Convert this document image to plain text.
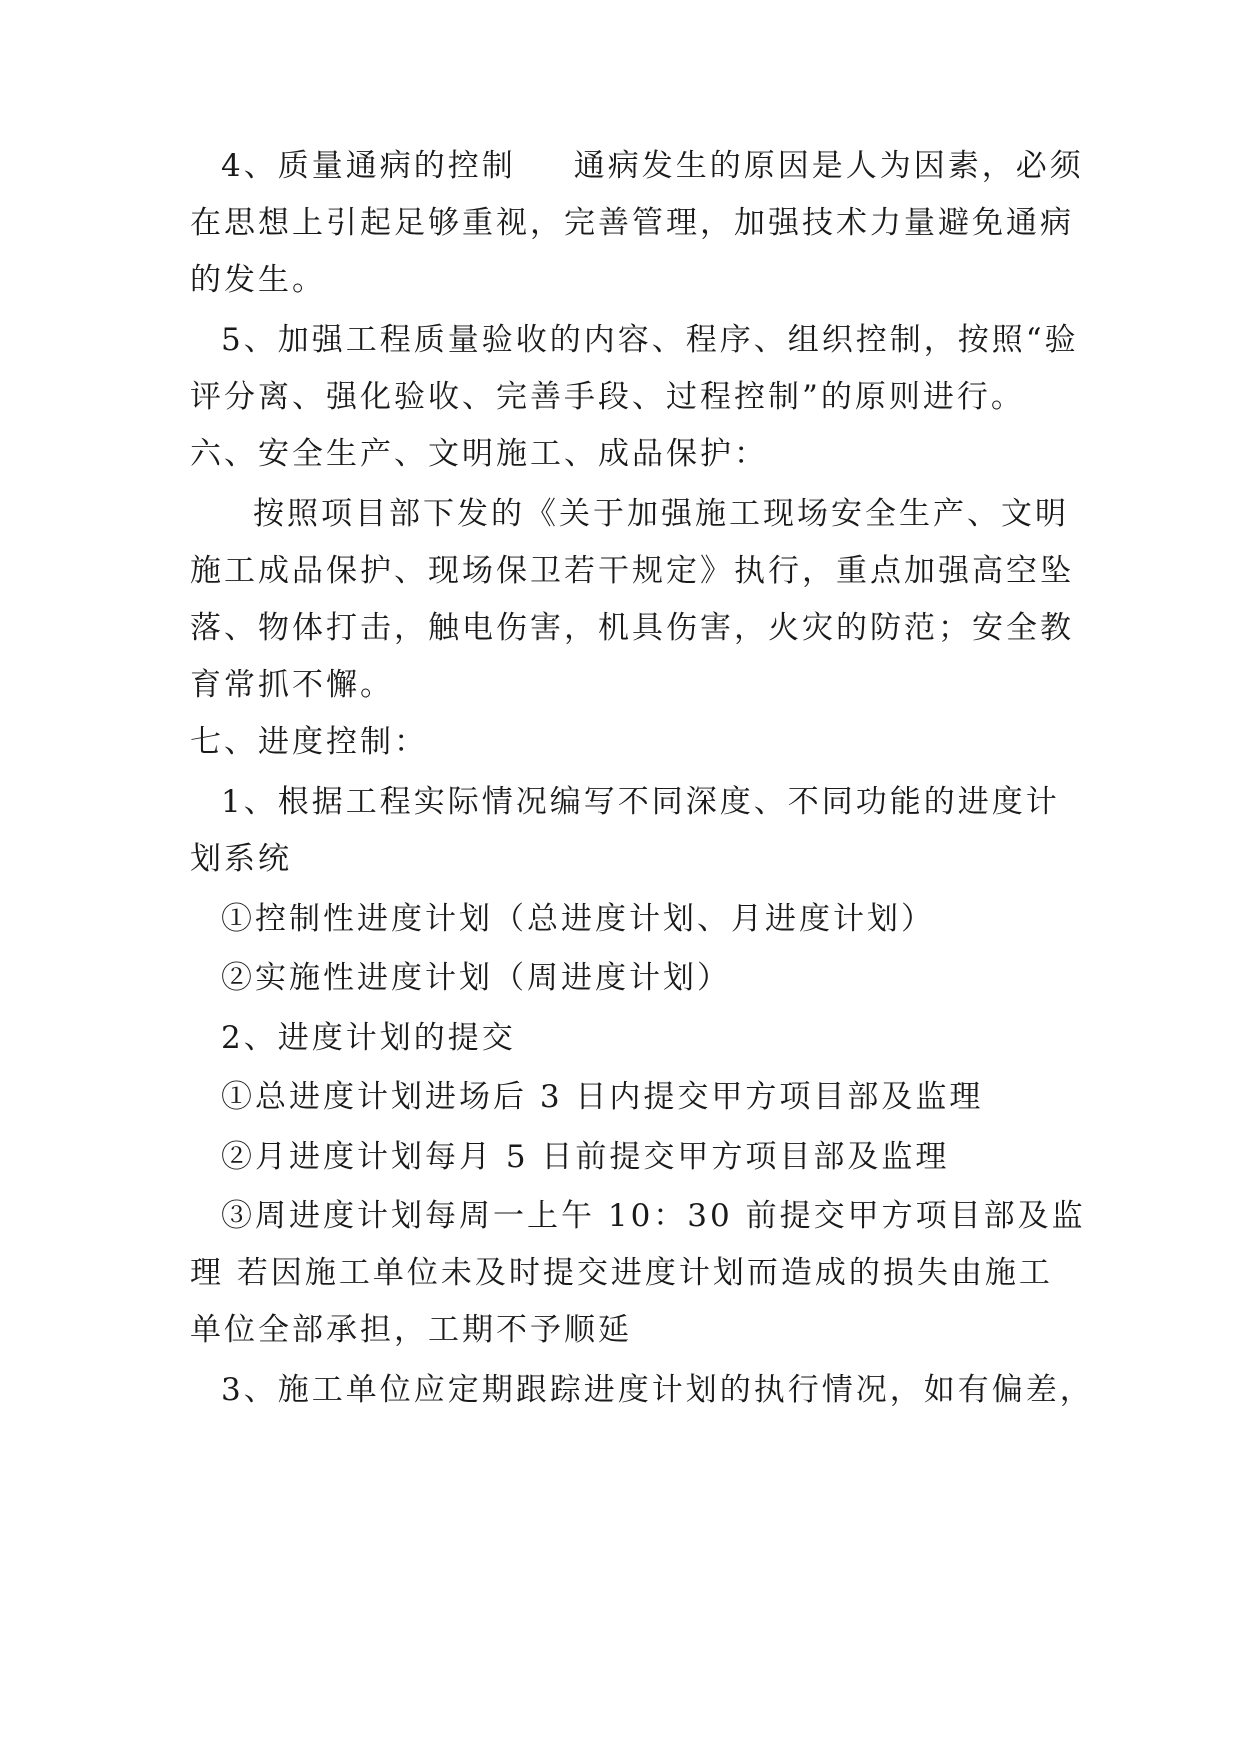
4、质量通病的控制 通病发生的原因是人为因素，必须
在思想上引起足够重视，完善管理，加强技术力量避免通病
的发生。
5、加强工程质量验收的内容、程序、组织控制，按照“验
评分离、强化验收、完善手段、过程控制”的原则进行。
六、安全生产、文明施工、成品保护：
按照项目部下发的《关于加强施工现场安全生产、文明
施工成品保护、现场保卫若干规定》执行，重点加强高空坠
落、物体打击，触电伤害，机具伤害，火灾的防范；安全教
育常抓不懈。
七、进度控制：
1、根据工程实际情况编写不同深度、不同功能的进度计
划系统
①控制性进度计划（总进度计划、月进度计划）
②实施性进度计划（周进度计划）
2、进度计划的提交
①总进度计划进场后 3 日内提交甲方项目部及监理
②月进度计划每月 5 日前提交甲方项目部及监理
③周进度计划每周一上午 10：30 前提交甲方项目部及监
理 若因施工单位未及时提交进度计划而造成的损失由施工
单位全部承担，工期不予顺延
3、施工单位应定期跟踪进度计划的执行情况，如有偏差，
